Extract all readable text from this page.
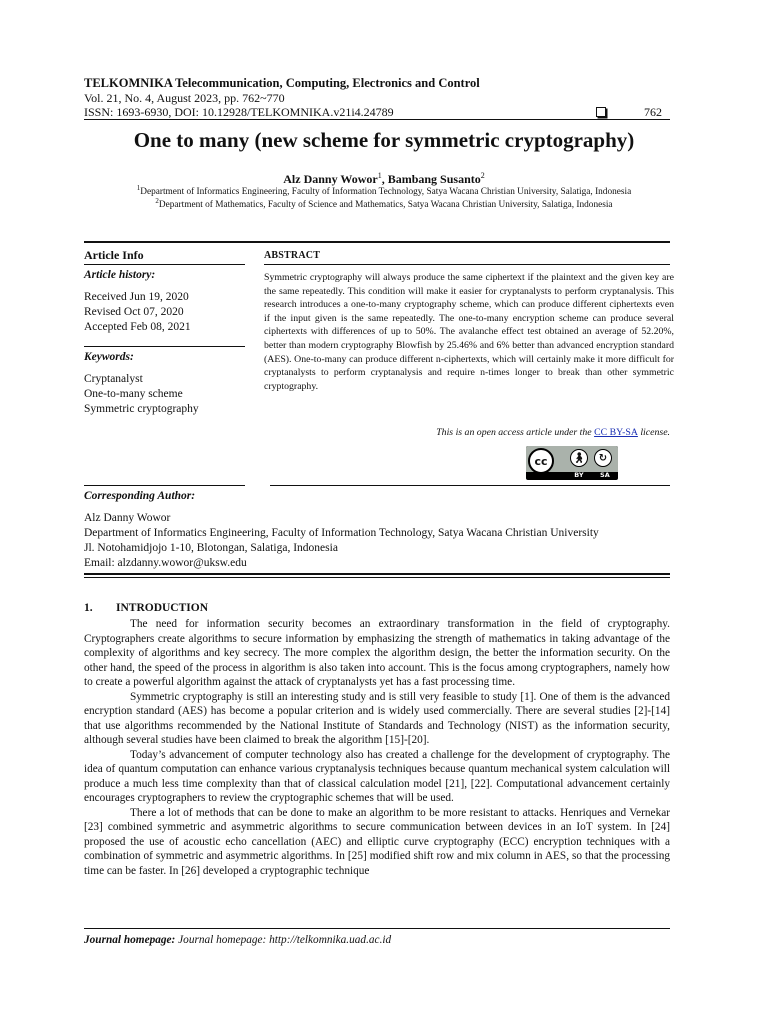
TELKOMNIKA Telecommunication, Computing, Electronics and Control
Vol. 21, No. 4, August 2023, pp. 762~770
ISSN: 1693-6930, DOI: 10.12928/TELKOMNIKA.v21i4.24789	762
One to many (new scheme for symmetric cryptography)
Alz Danny Wowor$^1$, Bambang Susanto$^2$
$^1$Department of Informatics Engineering, Faculty of Information Technology, Satya Wacana Christian University, Salatiga, Indonesia
$^2$Department of Mathematics, Faculty of Science and Mathematics, Satya Wacana Christian University, Salatiga, Indonesia
Article Info
Article history:
Received Jun 19, 2020
Revised Oct 07, 2020
Accepted Feb 08, 2021
Keywords:
Cryptanalyst
One-to-many scheme
Symmetric cryptography
ABSTRACT
Symmetric cryptography will always produce the same ciphertext if the plaintext and the given key are the same repeatedly. This condition will make it easier for cryptanalysts to perform cryptanalysis. This research introduces a one-to-many cryptography scheme, which can produce different ciphertexts even if the input given is the same repeatedly. The one-to-many encryption scheme can produce several ciphertexts with differences of up to 50%. The avalanche effect test obtained an average of 52.20%, better than modern cryptography Blowfish by 25.46% and 6% better than advanced encryption standard (AES). One-to-many can produce different n-ciphertexts, which will certainly make it more difficult for cryptanalysts to perform cryptanalysis and require n-times longer to break than other symmetric cryptography.
This is an open access article under the CC BY-SA license.
cc	🚶︎	↻
BY	SA
Corresponding Author:
Alz Danny Wowor
Department of Informatics Engineering, Faculty of Information Technology, Satya Wacana Christian University
Jl. Notohamidjojo 1-10, Blotongan, Salatiga, Indonesia
Email: alzdanny.wowor@uksw.edu
1. INTRODUCTION

The need for information security becomes an extraordinary transformation in the field of cryptography. Cryptographers create algorithms to secure information by emphasizing the strength of mathematics in taking advantage of the complexity of algorithms and key secrecy. The more complex the algorithm design, the better the information security. On the other hand, the speed of the process in algorithm is also taken into account. This is the focus among cryptographers, namely how to create a powerful algorithm against the attack of cryptanalysts yet has a fast processing time.

Symmetric cryptography is still an interesting study and is still very feasible to study [1]. One of them is the advanced encryption standard (AES) has become a popular criterion and is widely used commercially. There are several studies [2]-[14] that use algorithms recommended by the National Institute of Standards and Technology (NIST) as the information security, although several studies have been claimed to break the algorithm [15]-[20].

Today’s advancement of computer technology also has created a challenge for the development of cryptography. The idea of quantum computation can enhance various cryptanalysis techniques because quantum mechanical system calculation will produce a much less time complexity than that of classical calculation model [21], [22]. Computational advancement certainly encourages cryptographers to review the cryptographic schemes that will be used.

There a lot of methods that can be done to make an algorithm to be more resistant to attacks. Henriques and Vernekar [23] combined symmetric and asymmetric algorithms to secure communication between devices in an IoT system. In [24] proposed the use of acoustic echo cancellation (AEC) and elliptic curve cryptography (ECC) encryption techniques with a combination of symmetric and asymmetric algorithms. In [25] modified shift row and mix column in AES, so that the processing time can be faster. In [26] developed a cryptographic technique

Journal homepage: Journal homepage: http://telkomnika.uad.ac.id
